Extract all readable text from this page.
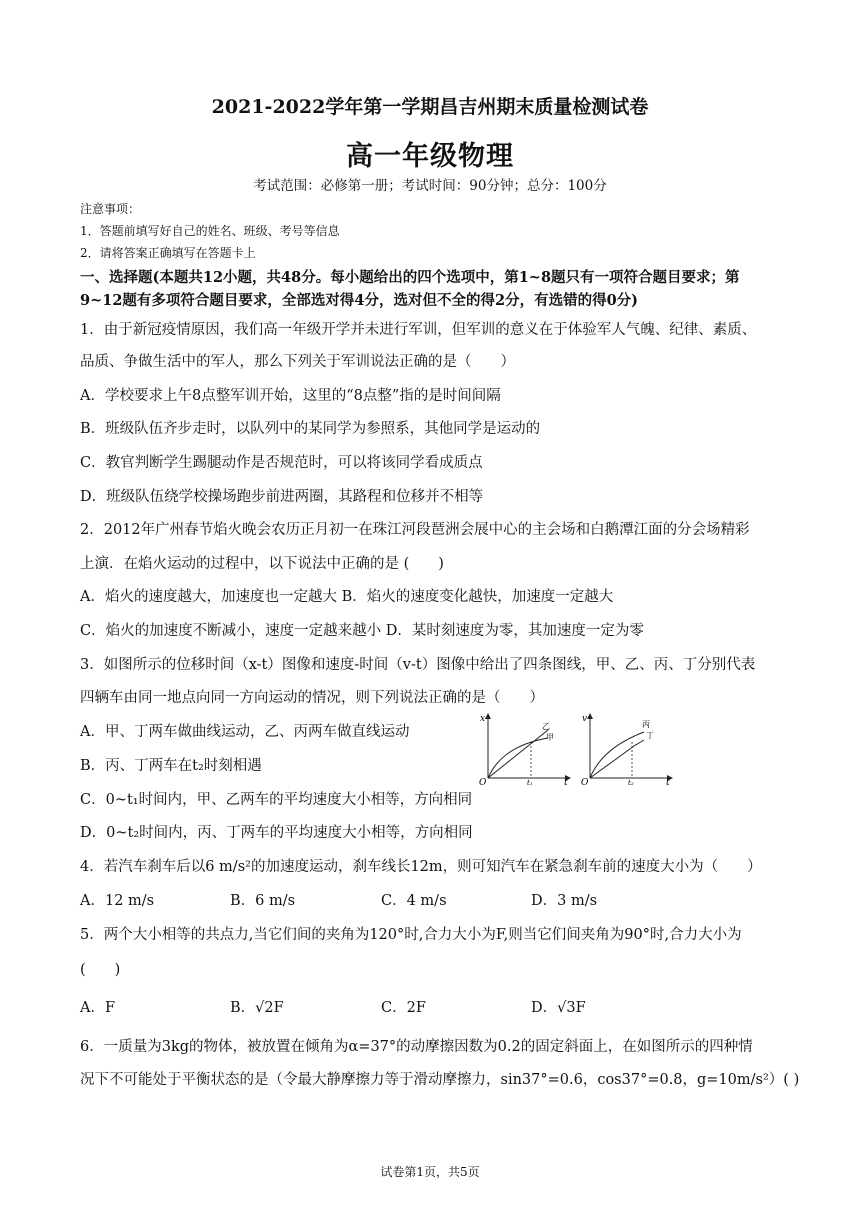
2021-2022学年第一学期昌吉州期末质量检测试卷
高一年级物理
考试范围：必修第一册；考试时间：90分钟；总分：100分
注意事项：
1．答题前填写好自己的姓名、班级、考号等信息
2．请将答案正确填写在答题卡上
一、选择题(本题共12小题，共48分。每小题给出的四个选项中，第1~8题只有一项符合题目要求；第
9~12题有多项符合题目要求，全部选对得4分，选对但不全的得2分，有选错的得0分)
1．由于新冠疫情原因，我们高一年级开学并未进行军训，但军训的意义在于体验军人气魄、纪律、素质、
品质、争做生活中的军人，那么下列关于军训说法正确的是（　　）
A．学校要求上午8点整军训开始，这里的“8点整”指的是时间间隔
B．班级队伍齐步走时，以队列中的某同学为参照系，其他同学是运动的
C．教官判断学生踢腿动作是否规范时，可以将该同学看成质点
D．班级队伍绕学校操场跑步前进两圈，其路程和位移并不相等
2．2012年广州春节焰火晚会农历正月初一在珠江河段琶洲会展中心的主会场和白鹅潭江面的分会场精彩
上演．在焰火运动的过程中，以下说法中正确的是 (　　)
A．焰火的速度越大，加速度也一定越大 B．焰火的速度变化越快，加速度一定越大
C．焰火的加速度不断减小，速度一定越来越小 D．某时刻速度为零，其加速度一定为零
3．如图所示的位移时间（x-t）图像和速度-时间（v-t）图像中给出了四条图线，甲、乙、丙、丁分别代表
四辆车由同一地点向同一方向运动的情况，则下列说法正确的是（　　）
A．甲、丁两车做曲线运动，乙、丙两车做直线运动
B．丙、丁两车在t₂时刻相遇
C．0~t₁时间内，甲、乙两车的平均速度大小相等，方向相同
D．0~t₂时间内，丙、丁两车的平均速度大小相等，方向相同
x
t
O	t₁
乙
甲
v
t
O	t₂
丙
丁
4．若汽车刹车后以6 m/s²的加速度运动，刹车线长12m，则可知汽车在紧急刹车前的速度大小为（　　）
A．12 m/s	B．6 m/s	C．4 m/s	D．3 m/s
5．两个大小相等的共点力,当它们间的夹角为120°时,合力大小为F,则当它们间夹角为90°时,合力大小为
(　　)
A．F	B．√2F	C．2F	D．√3F
6．一质量为3kg的物体，被放置在倾角为α=37°的动摩擦因数为0.2的固定斜面上，在如图所示的四种情
况下不可能处于平衡状态的是（令最大静摩擦力等于滑动摩擦力，sin37°=0.6，cos37°=0.8，g=10m/s²）( )
试卷第1页，共5页
